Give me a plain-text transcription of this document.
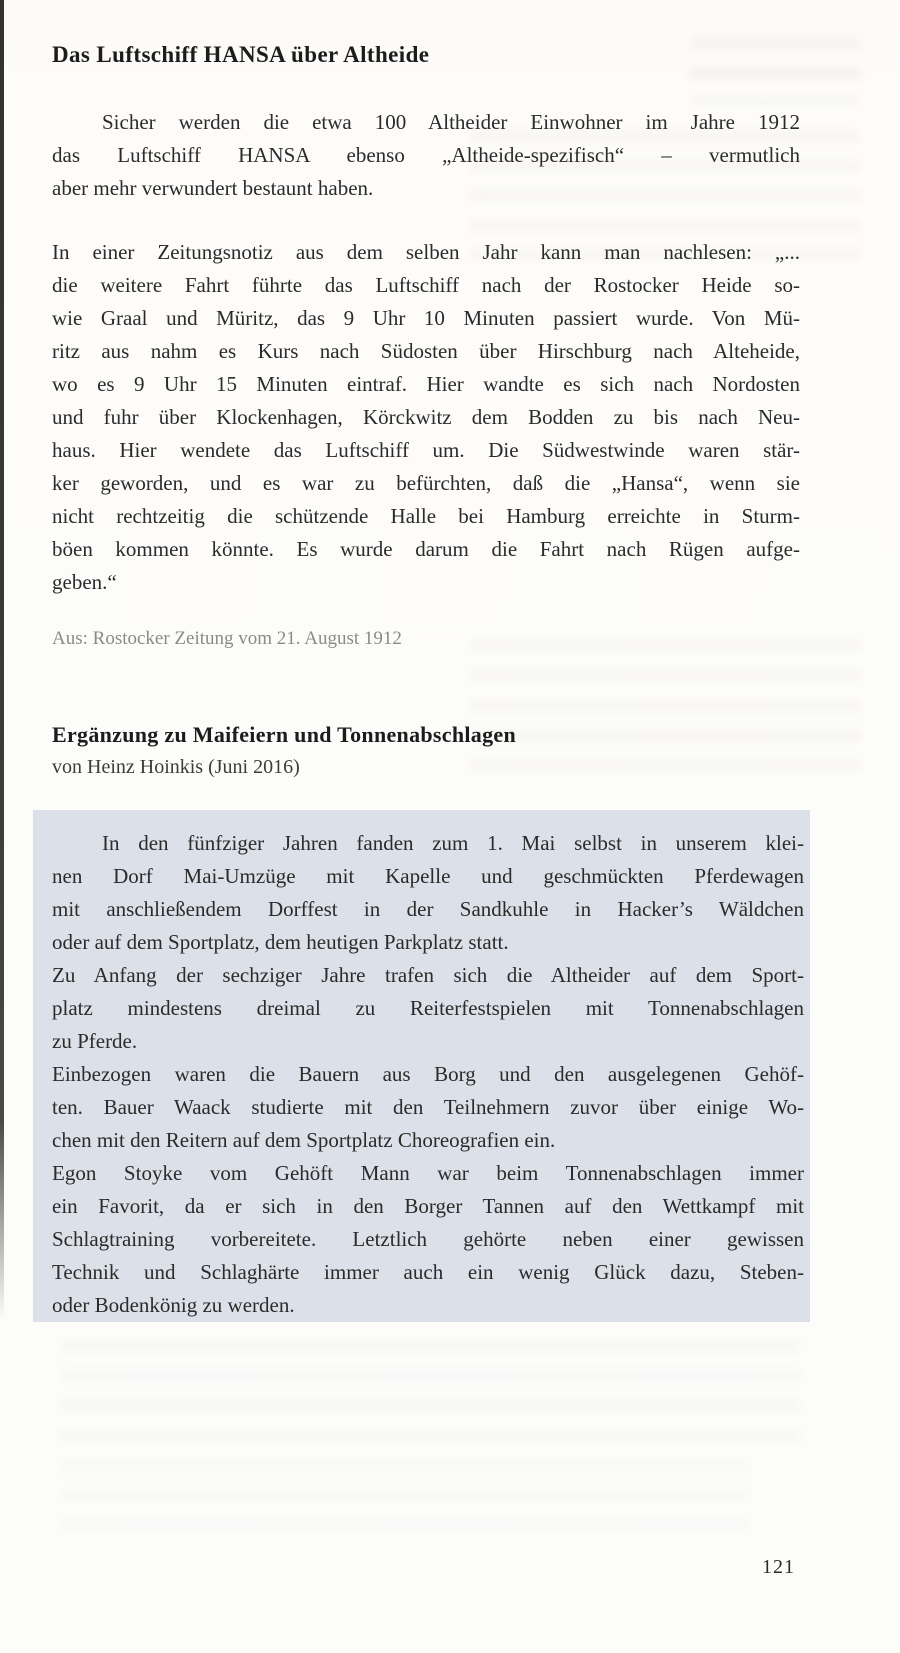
Das Luftschiff HANSA über Altheide
Sicher werden die etwa 100 Altheider Einwohner im Jahre 1912
das Luftschiff HANSA ebenso „Altheide-spezifisch“ – vermutlich
aber mehr verwundert bestaunt haben.
In einer Zeitungsnotiz aus dem selben Jahr kann man nachlesen: „...
die weitere Fahrt führte das Luftschiff nach der Rostocker Heide so-
wie Graal und Müritz, das 9 Uhr 10 Minuten passiert wurde. Von Mü-
ritz aus nahm es Kurs nach Südosten über Hirschburg nach Alteheide,
wo es 9 Uhr 15 Minuten eintraf. Hier wandte es sich nach Nordosten
und fuhr über Klockenhagen, Körckwitz dem Bodden zu bis nach Neu-
haus. Hier wendete das Luftschiff um. Die Südwestwinde waren stär-
ker geworden, und es war zu befürchten, daß die „Hansa“, wenn sie
nicht rechtzeitig die schützende Halle bei Hamburg erreichte in Sturm-
böen kommen könnte. Es wurde darum die Fahrt nach Rügen aufge-
geben.“
Aus: Rostocker Zeitung vom 21. August 1912
Ergänzung zu Maifeiern und Tonnenabschlagen
von Heinz Hoinkis (Juni 2016)
In den fünfziger Jahren fanden zum 1. Mai selbst in unserem klei-
nen Dorf Mai-Umzüge mit Kapelle und geschmückten Pferdewagen
mit anschließendem Dorffest in der Sandkuhle in Hacker’s Wäldchen
oder auf dem Sportplatz, dem heutigen Parkplatz statt.
Zu Anfang der sechziger Jahre trafen sich die Altheider auf dem Sport-
platz mindestens dreimal zu Reiterfestspielen mit Tonnenabschlagen
zu Pferde.
Einbezogen waren die Bauern aus Borg und den ausgelegenen Gehöf-
ten. Bauer Waack studierte mit den Teilnehmern zuvor über einige Wo-
chen mit den Reitern auf dem Sportplatz Choreografien ein.
Egon Stoyke vom Gehöft Mann war beim Tonnenabschlagen immer
ein Favorit, da er sich in den Borger Tannen auf den Wettkampf mit
Schlagtraining vorbereitete. Letztlich gehörte neben einer gewissen
Technik und Schlaghärte immer auch ein wenig Glück dazu, Steben-
oder Bodenkönig zu werden.
121
